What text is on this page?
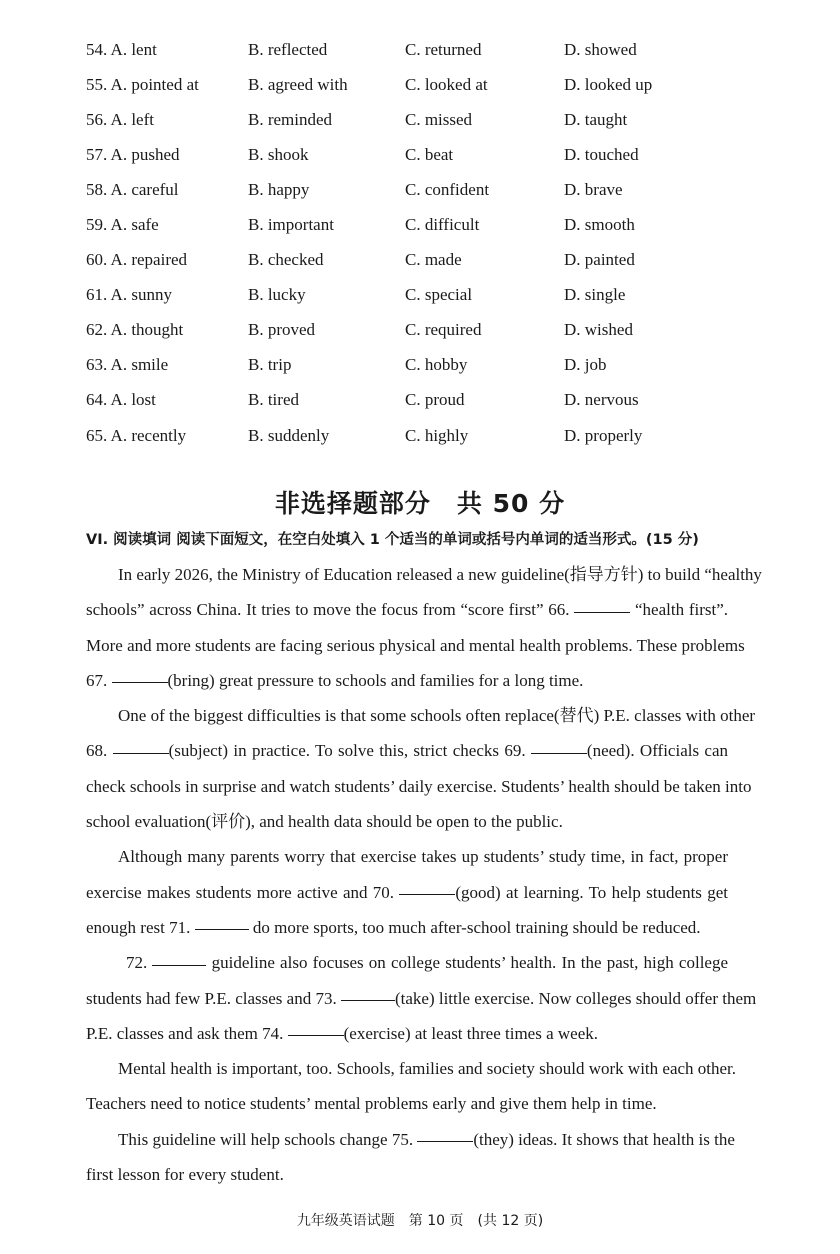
54. A. lent	B. reflected	C. returned	D. showed
55. A. pointed at	B. agreed with	C. looked at	D. looked up
56. A. left	B. reminded	C. missed	D. taught
57. A. pushed	B. shook	C. beat	D. touched
58. A. careful	B. happy	C. confident	D. brave
59. A. safe	B. important	C. difficult	D. smooth
60. A. repaired	B. checked	C. made	D. painted
61. A. sunny	B. lucky	C. special	D. single
62. A. thought	B. proved	C. required	D. wished
63. A. smile	B. trip	C. hobby	D. job
64. A. lost	B. tired	C. proud	D. nervous
65. A. recently	B. suddenly	C. highly	D. properly
非选择题部分　共 50 分
VI. 阅读填词 阅读下面短文，在空白处填入 1 个适当的单词或括号内单词的适当形式。(15 分)
In early 2026, the Ministry of Education released a new guideline(指导方针) to build “healthy
schools” across China. It tries to move the focus from “score first” 66.	“health first”.
More and more students are facing serious physical and mental health problems. These problems
67.	(bring) great pressure to schools and families for a long time.
One of the biggest difficulties is that some schools often replace(替代) P.E. classes with other
68.	(subject) in practice. To solve this, strict checks 69.	(need). Officials can
check schools in surprise and watch students’ daily exercise. Students’ health should be taken into
school evaluation(评价), and health data should be open to the public.
Although many parents worry that exercise takes up students’ study time, in fact, proper
exercise makes students more active and 70.	(good) at learning. To help students get
enough rest 71.	do more sports, too much after-school training should be reduced.
72.	guideline also focuses on college students’ health. In the past, high college
students had few P.E. classes and 73.	(take) little exercise. Now colleges should offer them
P.E. classes and ask them 74.	(exercise) at least three times a week.
Mental health is important, too. Schools, families and society should work with each other.
Teachers need to notice students’ mental problems early and give them help in time.
This guideline will help schools change 75.	(they) ideas. It shows that health is the
first lesson for every student.
九年级英语试题　第 10 页　(共 12 页)
